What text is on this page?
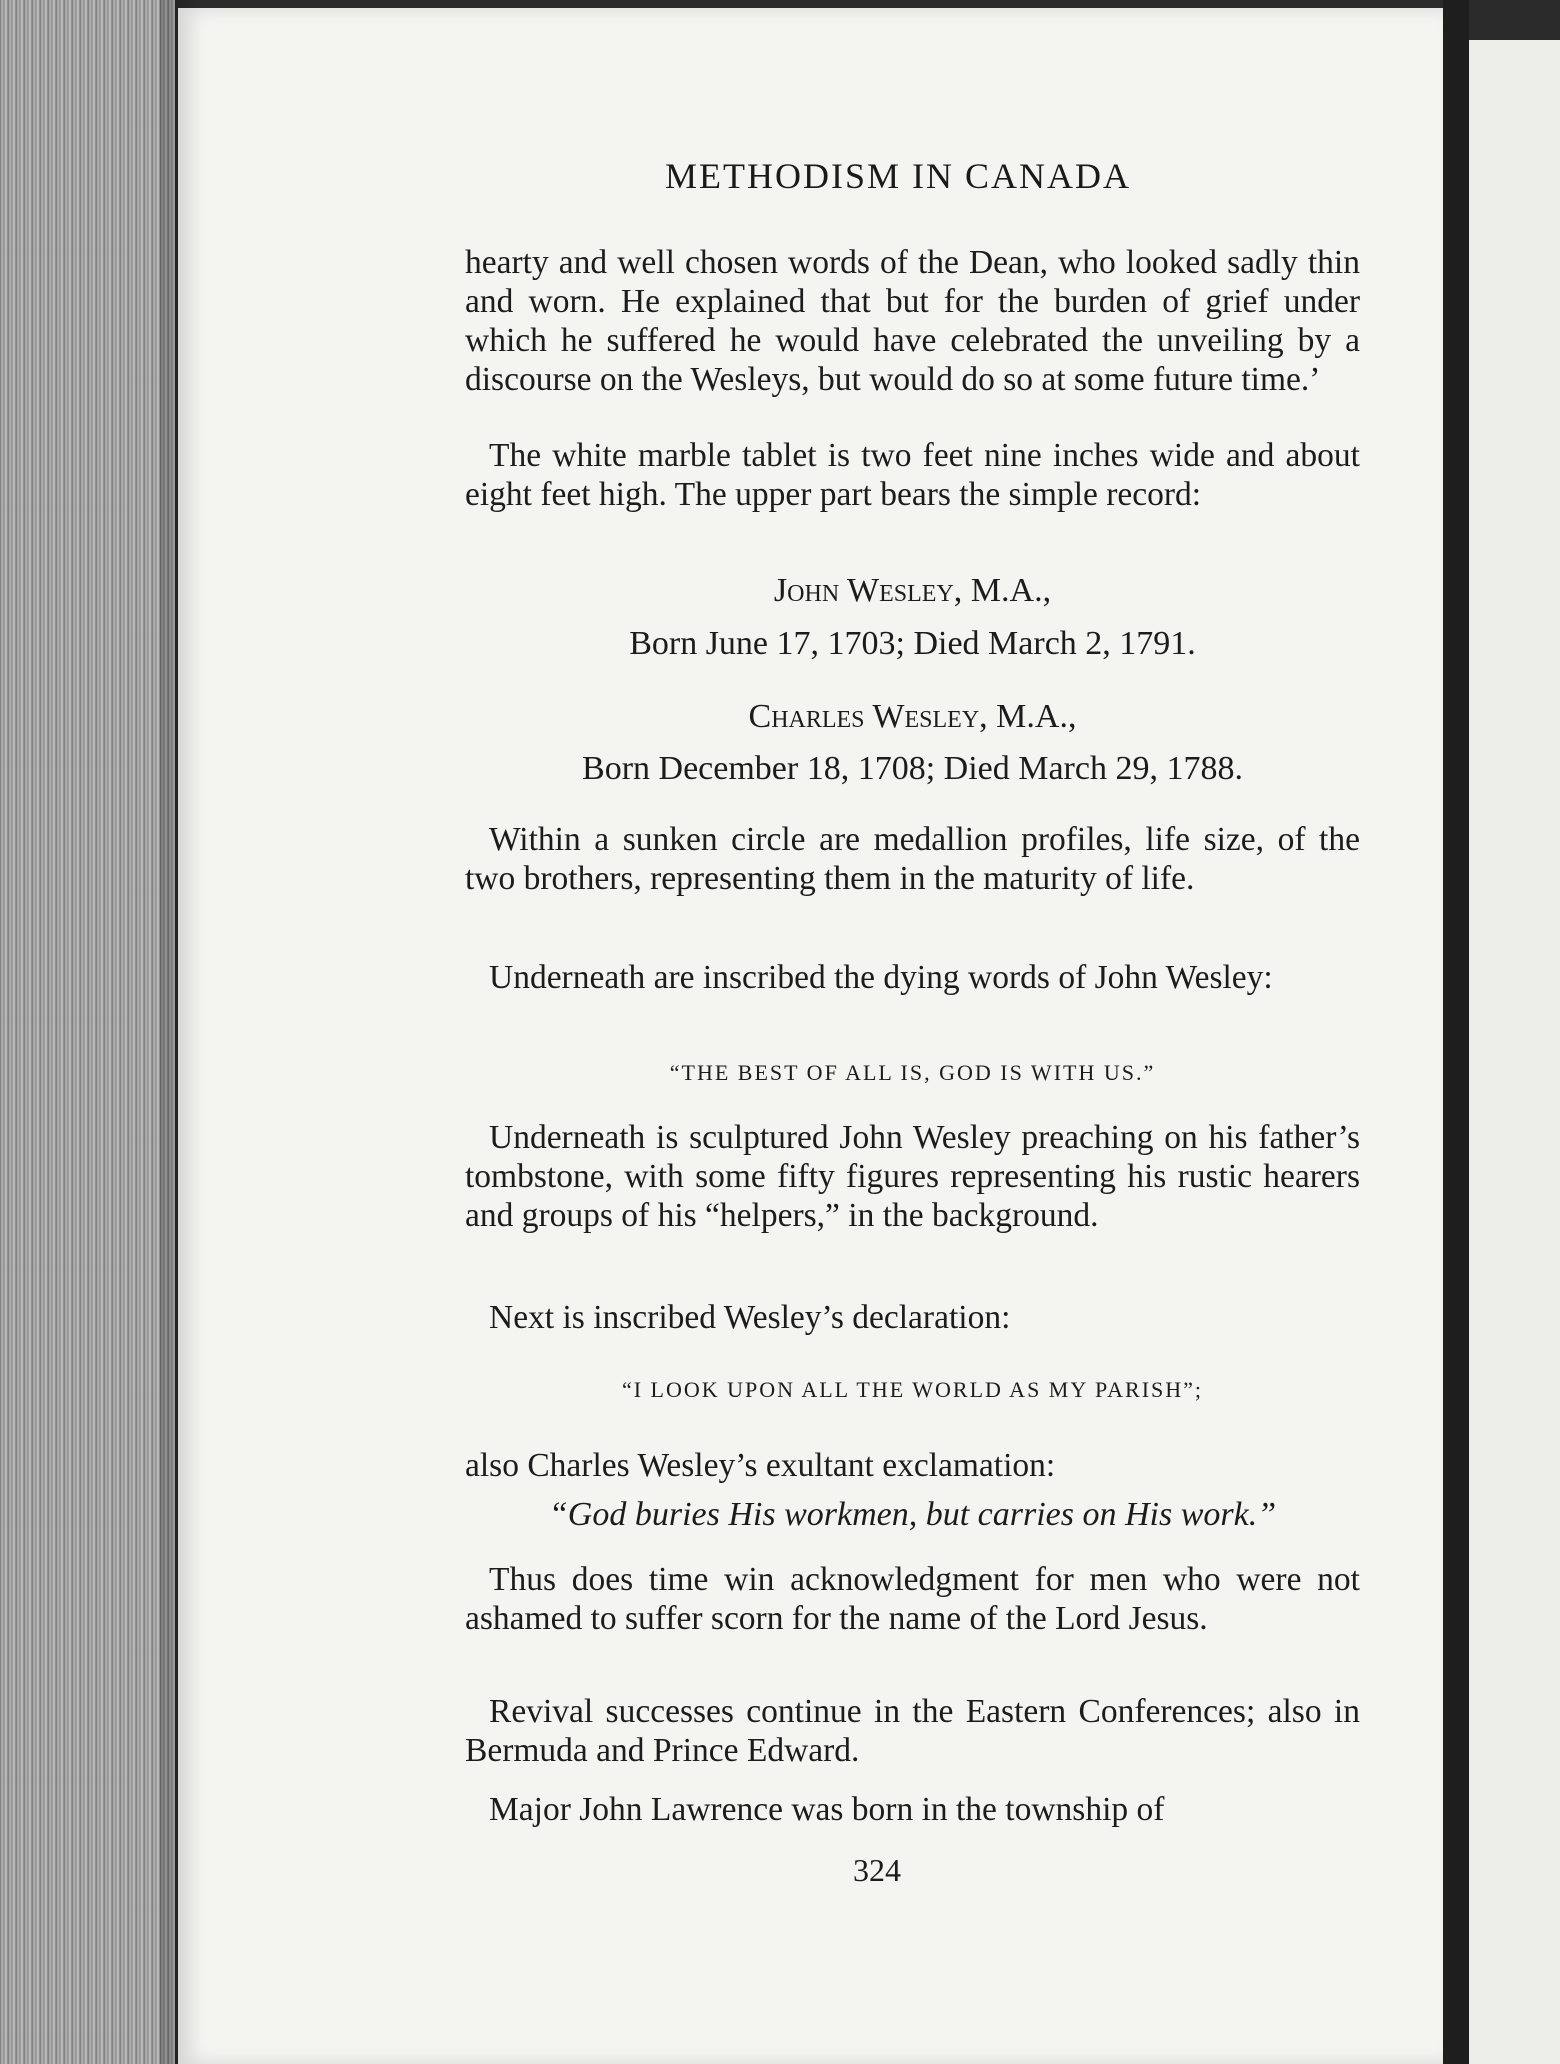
METHODISM IN CANADA

hearty and well chosen words of the Dean, who looked sadly thin and worn. He explained that but for the burden of grief under which he suffered he would have celebrated the unveiling by a discourse on the Wesleys, but would do so at some future time.’

The white marble tablet is two feet nine inches wide and about eight feet high. The upper part bears the simple record:

John Wesley, M.A.,

Born June 17, 1703; Died March 2, 1791.

Charles Wesley, M.A.,

Born December 18, 1708; Died March 29, 1788.

Within a sunken circle are medallion profiles, life size, of the two brothers, representing them in the maturity of life.

Underneath are inscribed the dying words of John Wesley:

“THE BEST OF ALL IS, GOD IS WITH US.”

Underneath is sculptured John Wesley preaching on his father’s tombstone, with some fifty figures representing his rustic hearers and groups of his “helpers,” in the background.

Next is inscribed Wesley’s declaration:

“I LOOK UPON ALL THE WORLD AS MY PARISH”;

also Charles Wesley’s exultant exclamation:

“God buries His workmen, but carries on His work.”

Thus does time win acknowledgment for men who were not ashamed to suffer scorn for the name of the Lord Jesus.

Revival successes continue in the Eastern Conferences; also in Bermuda and Prince Edward.

Major John Lawrence was born in the township of

324
